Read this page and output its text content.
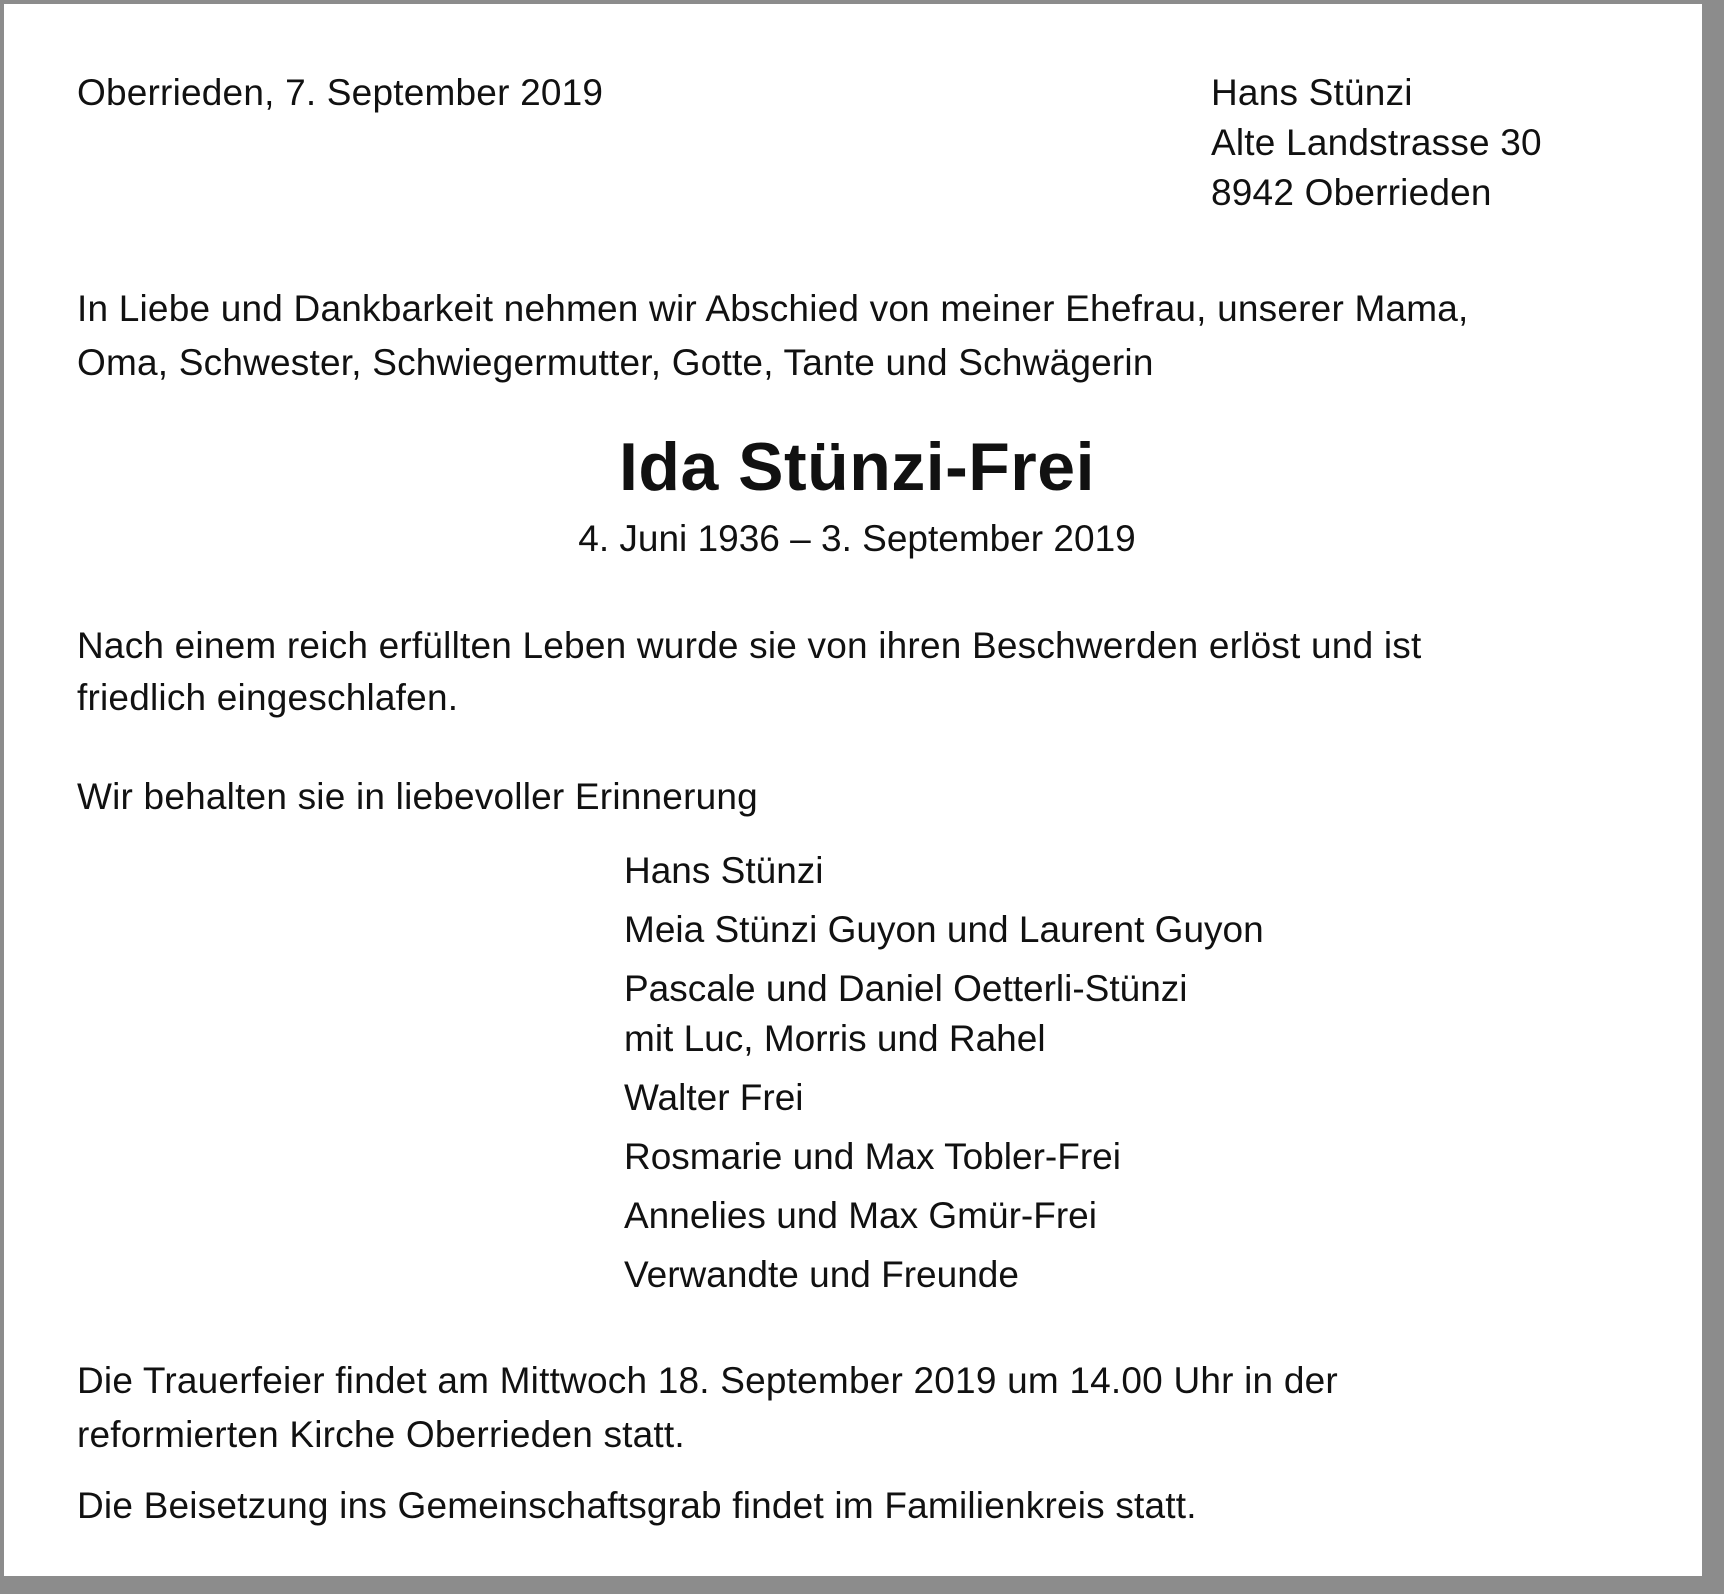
Oberrieden, 7. September 2019	Hans Stünzi
Alte Landstrasse 30
8942 Oberrieden
In Liebe und Dankbarkeit nehmen wir Abschied von meiner Ehefrau, unserer Mama,
Oma, Schwester, Schwiegermutter, Gotte, Tante und Schwägerin
Ida Stünzi-Frei
4. Juni 1936 – 3. September 2019
Nach einem reich erfüllten Leben wurde sie von ihren Beschwerden erlöst und ist
friedlich eingeschlafen.
Wir behalten sie in liebevoller Erinnerung
Hans Stünzi
Meia Stünzi Guyon und Laurent Guyon
Pascale und Daniel Oetterli-Stünzi
mit Luc, Morris und Rahel
Walter Frei
Rosmarie und Max Tobler-Frei
Annelies und Max Gmür-Frei
Verwandte und Freunde
Die Trauerfeier findet am Mittwoch 18. September 2019 um 14.00 Uhr in der
reformierten Kirche Oberrieden statt.
Die Beisetzung ins Gemeinschaftsgrab findet im Familienkreis statt.
